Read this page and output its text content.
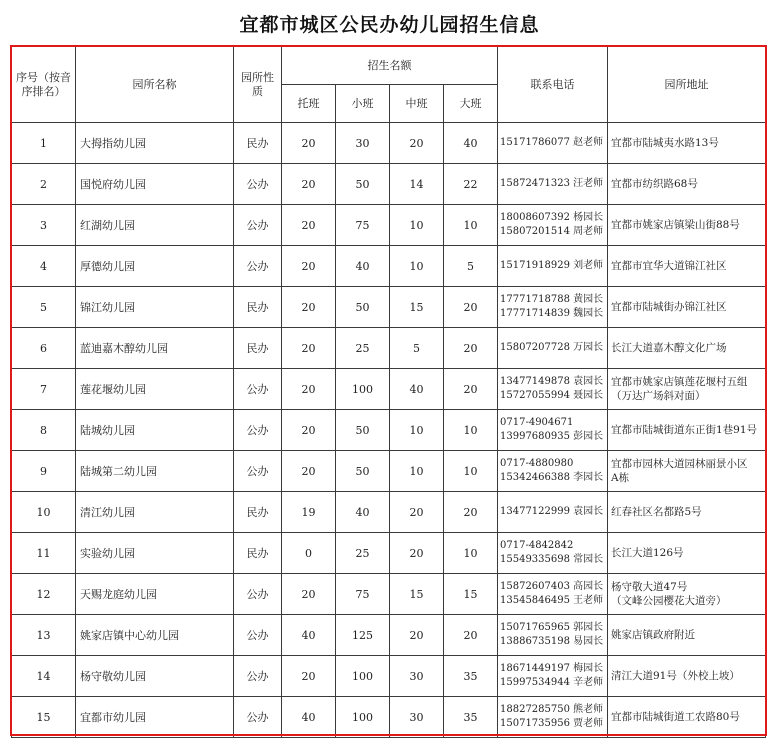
宜都市城区公民办幼儿园招生信息
序号（按音序排名）	园所名称	园所性质	招生名额				联系电话	园所地址
			托班	小班	中班	大班		
1	大拇指幼儿园	民办	20	30	20	40	15171786077 赵老师	宜都市陆城夷水路13号

2	国悦府幼儿园	公办	20	50	14	22	15872471323 汪老师	宜都市纺织路68号

3	红湖幼儿园	公办	20	75	10	10	18008607392 杨园长
15807201514 周老师	宜都市姚家店镇梁山街88号

4	厚德幼儿园	公办	20	40	10	5	15171918929 刘老师	宜都市宜华大道锦江社区

5	锦江幼儿园	民办	20	50	15	20	17771718788 黄园长
17771714839 魏园长	宜都市陆城街办锦江社区

6	蓝迪嘉木醇幼儿园	民办	20	25	5	20	15807207728 万园长	长江大道嘉木醇文化广场

7	莲花堰幼儿园	公办	20	100	40	20	13477149878 袁园长
15727055994 聂园长	宜都市姚家店镇莲花堰村五组
（万达广场斜对面）

8	陆城幼儿园	公办	20	50	10	10	0717-4904671
13997680935 彭园长	宜都市陆城街道东正街1巷91号

9	陆城第二幼儿园	公办	20	50	10	10	0717-4880980
15342466388 李园长	宜都市园林大道园林丽景小区
A栋

10	清江幼儿园	民办	19	40	20	20	13477122999 袁园长	红春社区名都路5号

11	实验幼儿园	民办	0	25	20	10	0717-4842842
15549335698 常园长	长江大道126号

12	天赐龙庭幼儿园	公办	20	75	15	15	15872607403 高园长
13545846495 王老师	杨守敬大道47号
（文峰公园樱花大道旁）

13	姚家店镇中心幼儿园	公办	40	125	20	20	15071765965 郭园长
13886735198 易园长	姚家店镇政府附近

14	杨守敬幼儿园	公办	20	100	30	35	18671449197 梅园长
15997534944 辛老师	清江大道91号（外校上坡）

15	宜都市幼儿园	公办	40	100	30	35	18827285750 熊老师
15071735956 贾老师	宜都市陆城街道工农路80号
